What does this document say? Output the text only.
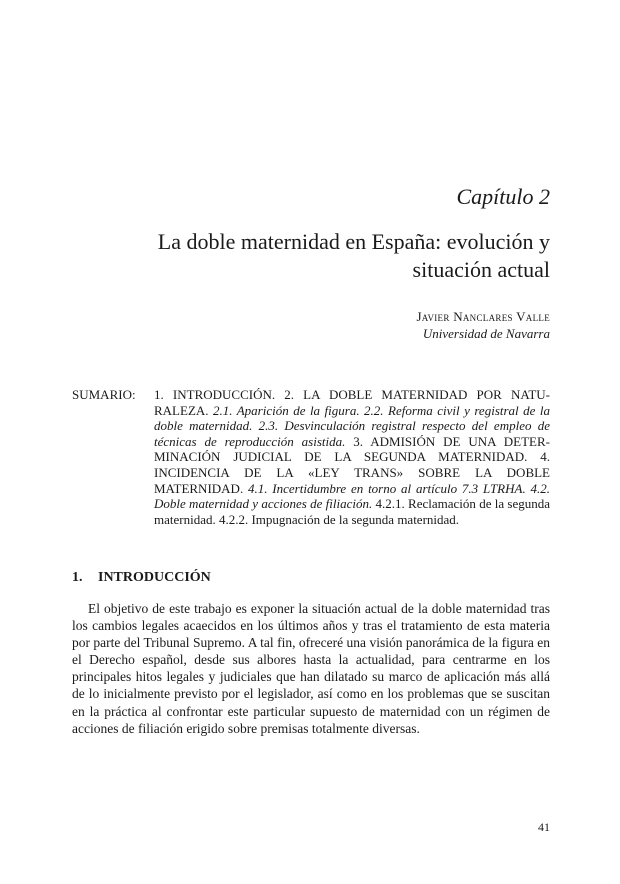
Capítulo 2
La doble maternidad en España: evolución y situación actual
Javier Nanclares Valle
Universidad de Navarra
SUMARIO: 1. INTRODUCCIÓN. 2. LA DOBLE MATERNIDAD POR NATURALEZA. 2.1. Aparición de la figura. 2.2. Reforma civil y registral de la doble maternidad. 2.3. Desvinculación registral respecto del empleo de técnicas de reproducción asistida. 3. ADMISIÓN DE UNA DETERMINACIÓN JUDICIAL DE LA SEGUNDA MATERNIDAD. 4. INCIDENCIA DE LA «LEY TRANS» SOBRE LA DOBLE MATERNIDAD. 4.1. Incertidumbre en torno al artículo 7.3 LTRHA. 4.2. Doble maternidad y acciones de filiación. 4.2.1. Reclamación de la segunda maternidad. 4.2.2. Impugnación de la segunda maternidad.
1. INTRODUCCIÓN

El objetivo de este trabajo es exponer la situación actual de la doble maternidad tras los cambios legales acaecidos en los últimos años y tras el tratamiento de esta materia por parte del Tribunal Supremo. A tal fin, ofreceré una visión panorámica de la figura en el Derecho español, desde sus albores hasta la actualidad, para centrarme en los principales hitos legales y judiciales que han dilatado su marco de aplicación más allá de lo inicialmente previsto por el legislador, así como en los problemas que se suscitan en la práctica al confrontar este particular supuesto de maternidad con un régimen de acciones de filiación erigido sobre premisas totalmente diversas.

41
